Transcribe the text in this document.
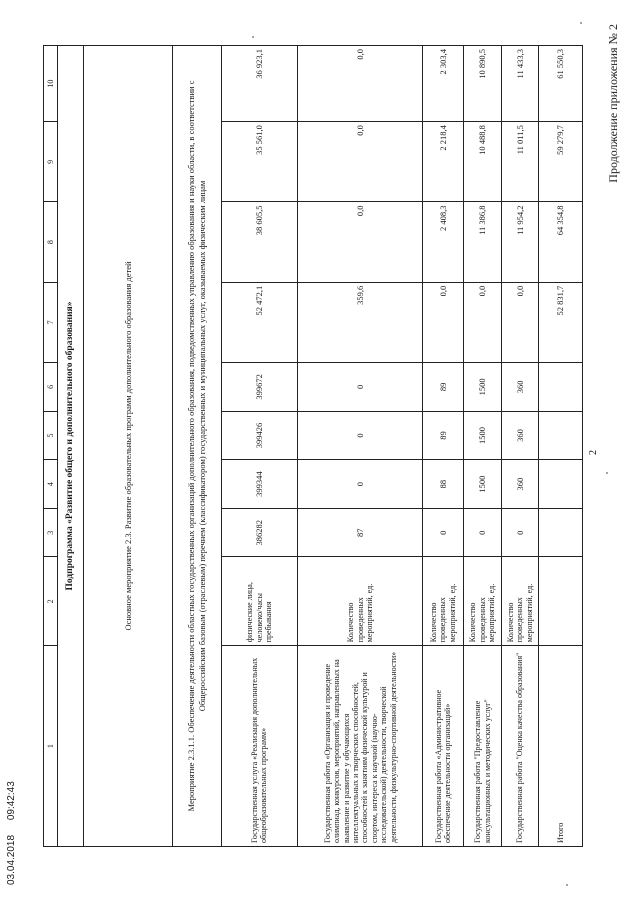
2
Продолжение приложения № 2
03.04.2018 09:42:43
1	2	3	4	5	6	7	8	9	10
Подпрограмма «Развитие общего и дополнительного образования»									
Основное мероприятие 2.3. Развитие образовательных программ дополнительного образования детей									
Мероприятие 2.3.1.1. Обеспечение деятельности областных государственных организаций дополнительного образования, подведомственных управлению образования и науки области, в соответствии с Общероссийским базовым (отраслевым) перечнем (классификатором) государственных и муниципальных услуг, оказываемых физическим лицам									
Государственная услуга «Реализация дополнительных общеобразовательных программ»	физические лица, человеко/часы пребывания	386282	399344	399426	399672	52 472,1	38 605,5	35 561,0	36 923,1
Государственная работа «Организация и проведение олимпиад, конкурсов, мероприятий, направленных на выявление и развитие у обучающихся интеллектуальных и творческих способностей, способностей к занятиям физической культурой и спортом, интереса к научной (научно-исследовательской) деятельности, творческой деятельности, физкультурно-спортивной деятельности»	Количество проведенных мероприятий, ед.	87	0	0	0	359,6	0,0	0,0	0,0
Государственная работа «Административное обеспечение деятельности организаций»	Количество проведенных мероприятий, ед.	0	88	89	89	0,0	2 408,3	2 218,4	2 303,4
Государственная работа "Предоставление консультационных и методических услуг"	Количество проведенных мероприятий, ед.	0	1500	1500	1500	0,0	11 386,8	10 488,8	10 890,5
Государственная работа "Оценка качества образования"	Количество проведенных мероприятий, ед.	0	360	360	360	0,0	11 954,2	11 011,5	11 433,3
Итого						52 831,7	64 354,8	59 279,7	61 550,3
